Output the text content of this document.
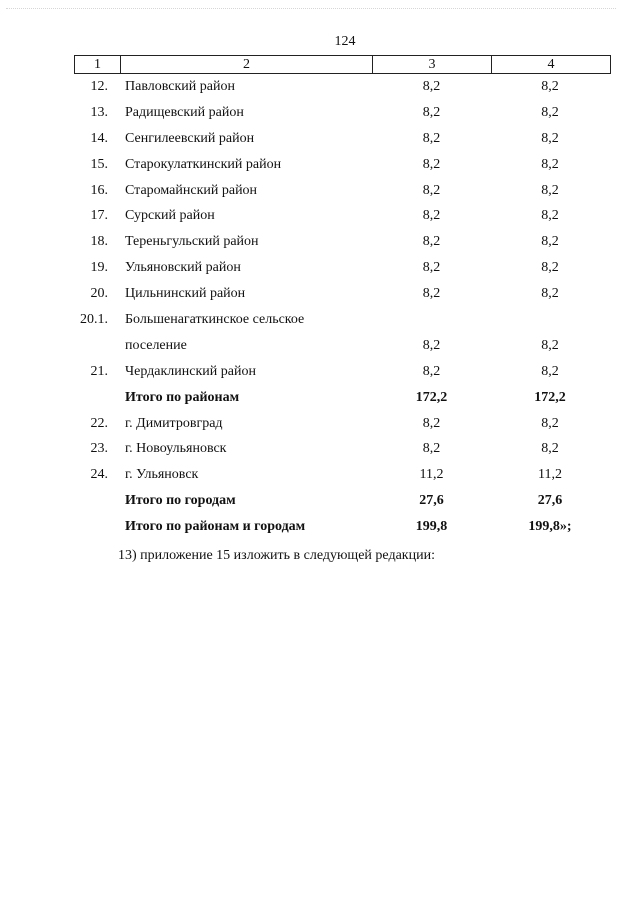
124
1	2	3	4
12. Павловский район	8,2	8,2
13. Радищевский район	8,2	8,2
14. Сенгилеевский район	8,2	8,2
15. Старокулаткинский район	8,2	8,2
16. Старомайнский район	8,2	8,2
17. Сурский район	8,2	8,2
18. Тереньгульский район	8,2	8,2
19. Ульяновский район	8,2	8,2
20. Цильнинский район	8,2	8,2
20.1. Большенагаткинское сельское
поселение	8,2	8,2
21. Чердаклинский район	8,2	8,2
Итого по районам	172,2	172,2
22. г. Димитровград	8,2	8,2
23. г. Новоульяновск	8,2	8,2
24. г. Ульяновск	11,2	11,2
Итого по городам	27,6	27,6
Итого по районам и городам	199,8	199,8»;
13) приложение 15 изложить в следующей редакции:
